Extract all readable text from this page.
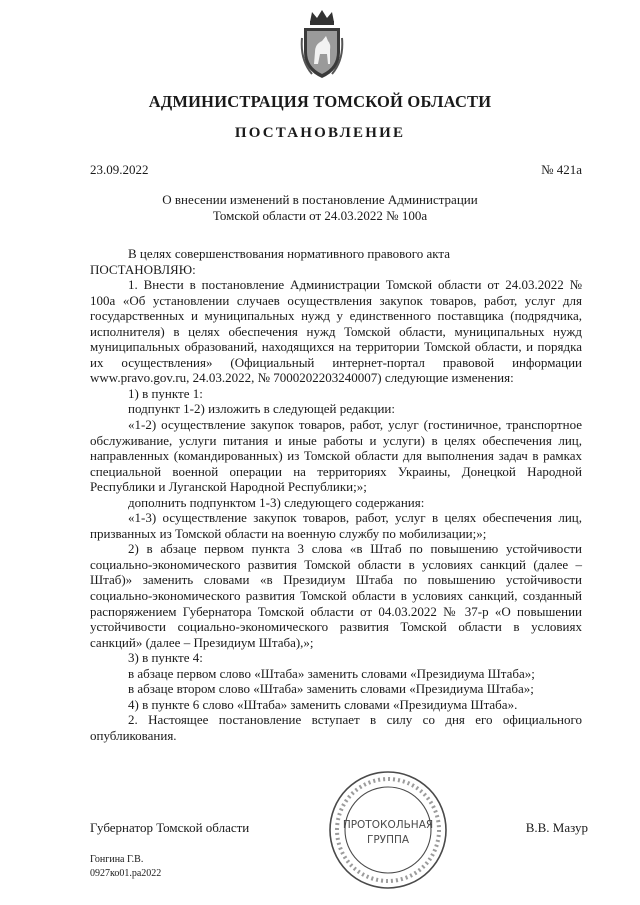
АДМИНИСТРАЦИЯ ТОМСКОЙ ОБЛАСТИ
ПОСТАНОВЛЕНИЕ
23.09.2022	№ 421а
О внесении изменений в постановление Администрации
Томской области от 24.03.2022 № 100а

В целях совершенствования нормативного правового акта

ПОСТАНОВЛЯЮ:

1. Внести в постановление Администрации Томской области от 24.03.2022 № 100а «Об установлении случаев осуществления закупок товаров, работ, услуг для государственных и муниципальных нужд у единственного поставщика (подрядчика, исполнителя) в целях обеспечения нужд Томской области, муниципальных нужд муниципальных образований, находящихся на территории Томской области, и порядка их осуществления» (Официальный интернет-портал правовой информации www.pravo.gov.ru, 24.03.2022, № 7000202203240007) следующие изменения:

1) в пункте 1:

подпункт 1-2) изложить в следующей редакции:

«1-2) осуществление закупок товаров, работ, услуг (гостиничное, транспортное обслуживание, услуги питания и иные работы и услуги) в целях обеспечения лиц, направленных (командированных) из Томской области для выполнения задач в рамках специальной военной операции на территориях Украины, Донецкой Народной Республики и Луганской Народной Республики;»;

дополнить подпунктом 1-3) следующего содержания:

«1-3) осуществление закупок товаров, работ, услуг в целях обеспечения лиц, призванных из Томской области на военную службу по мобилизации;»;

2) в абзаце первом пункта 3 слова «в Штаб по повышению устойчивости социально-экономического развития Томской области в условиях санкций (далее – Штаб)» заменить словами «в Президиум Штаба по повышению устойчивости социально-экономического развития Томской области в условиях санкций, созданный распоряжением Губернатора Томской области от 04.03.2022 № 37-р «О повышении устойчивости социально-экономического развития Томской области в условиях санкций» (далее – Президиум Штаба),»;

3) в пункте 4:

в абзаце первом слово «Штаба» заменить словами «Президиума Штаба»;

в абзаце втором слово «Штаба» заменить словами «Президиума Штаба»;

4) в пункте 6 слово «Штаба» заменить словами «Президиума Штаба».

2. Настоящее постановление вступает в силу со дня его официального опубликования.

ПРОТОКОЛЬНАЯ
ГРУППА
Губернатор Томской области	В.В. Мазур
Гонгина Г.В.
0927ко01.ра2022
